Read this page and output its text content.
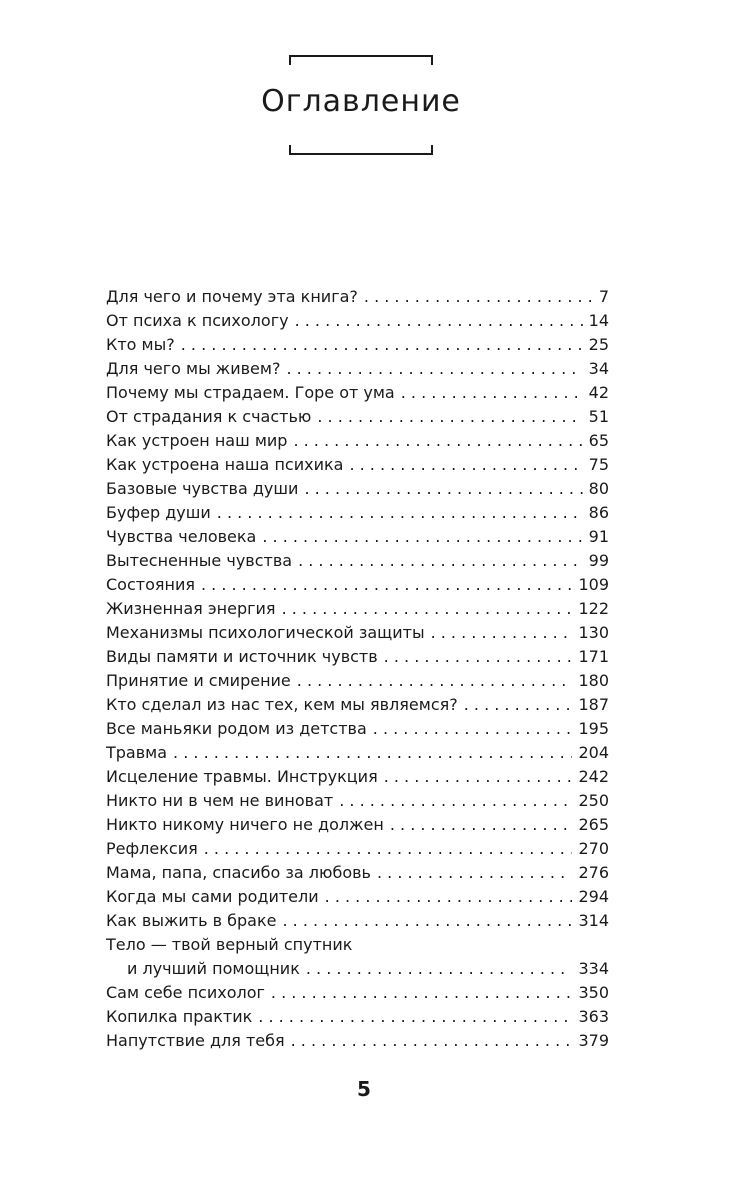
Оглавление
Для чего и почему эта книга? . . .	7
От психа к психологу . . .	14
Кто мы? . . .	25
Для чего мы живем? . . .	34
Почему мы страдаем. Горе от ума . . .	42
От страдания к счастью . . .	51
Как устроен наш мир . . .	65
Как устроена наша психика . . .	75
Базовые чувства души . . .	80
Буфер души . . .	86
Чувства человека . . .	91
Вытесненные чувства . . .	99
Состояния . . .	109
Жизненная энергия . . .	122
Механизмы психологической защиты . . .	130
Виды памяти и источник чувств . . .	171
Принятие и смирение . . .	180
Кто сделал из нас тех, кем мы являемся? . . .	187
Все маньяки родом из детства . . .	195
Травма . . .	204
Исцеление травмы. Инструкция . . .	242
Никто ни в чем не виноват . . .	250
Никто никому ничего не должен . . .	265
Рефлексия . . .	270
Мама, папа, спасибо за любовь . . .	276
Когда мы сами родители . . .	294
Как выжить в браке . . .	314
Тело — твой верный спутник
и лучший помощник . . .	334
Сам себе психолог . . .	350
Копилка практик . . .	363
Напутствие для тебя . . .	379
5
